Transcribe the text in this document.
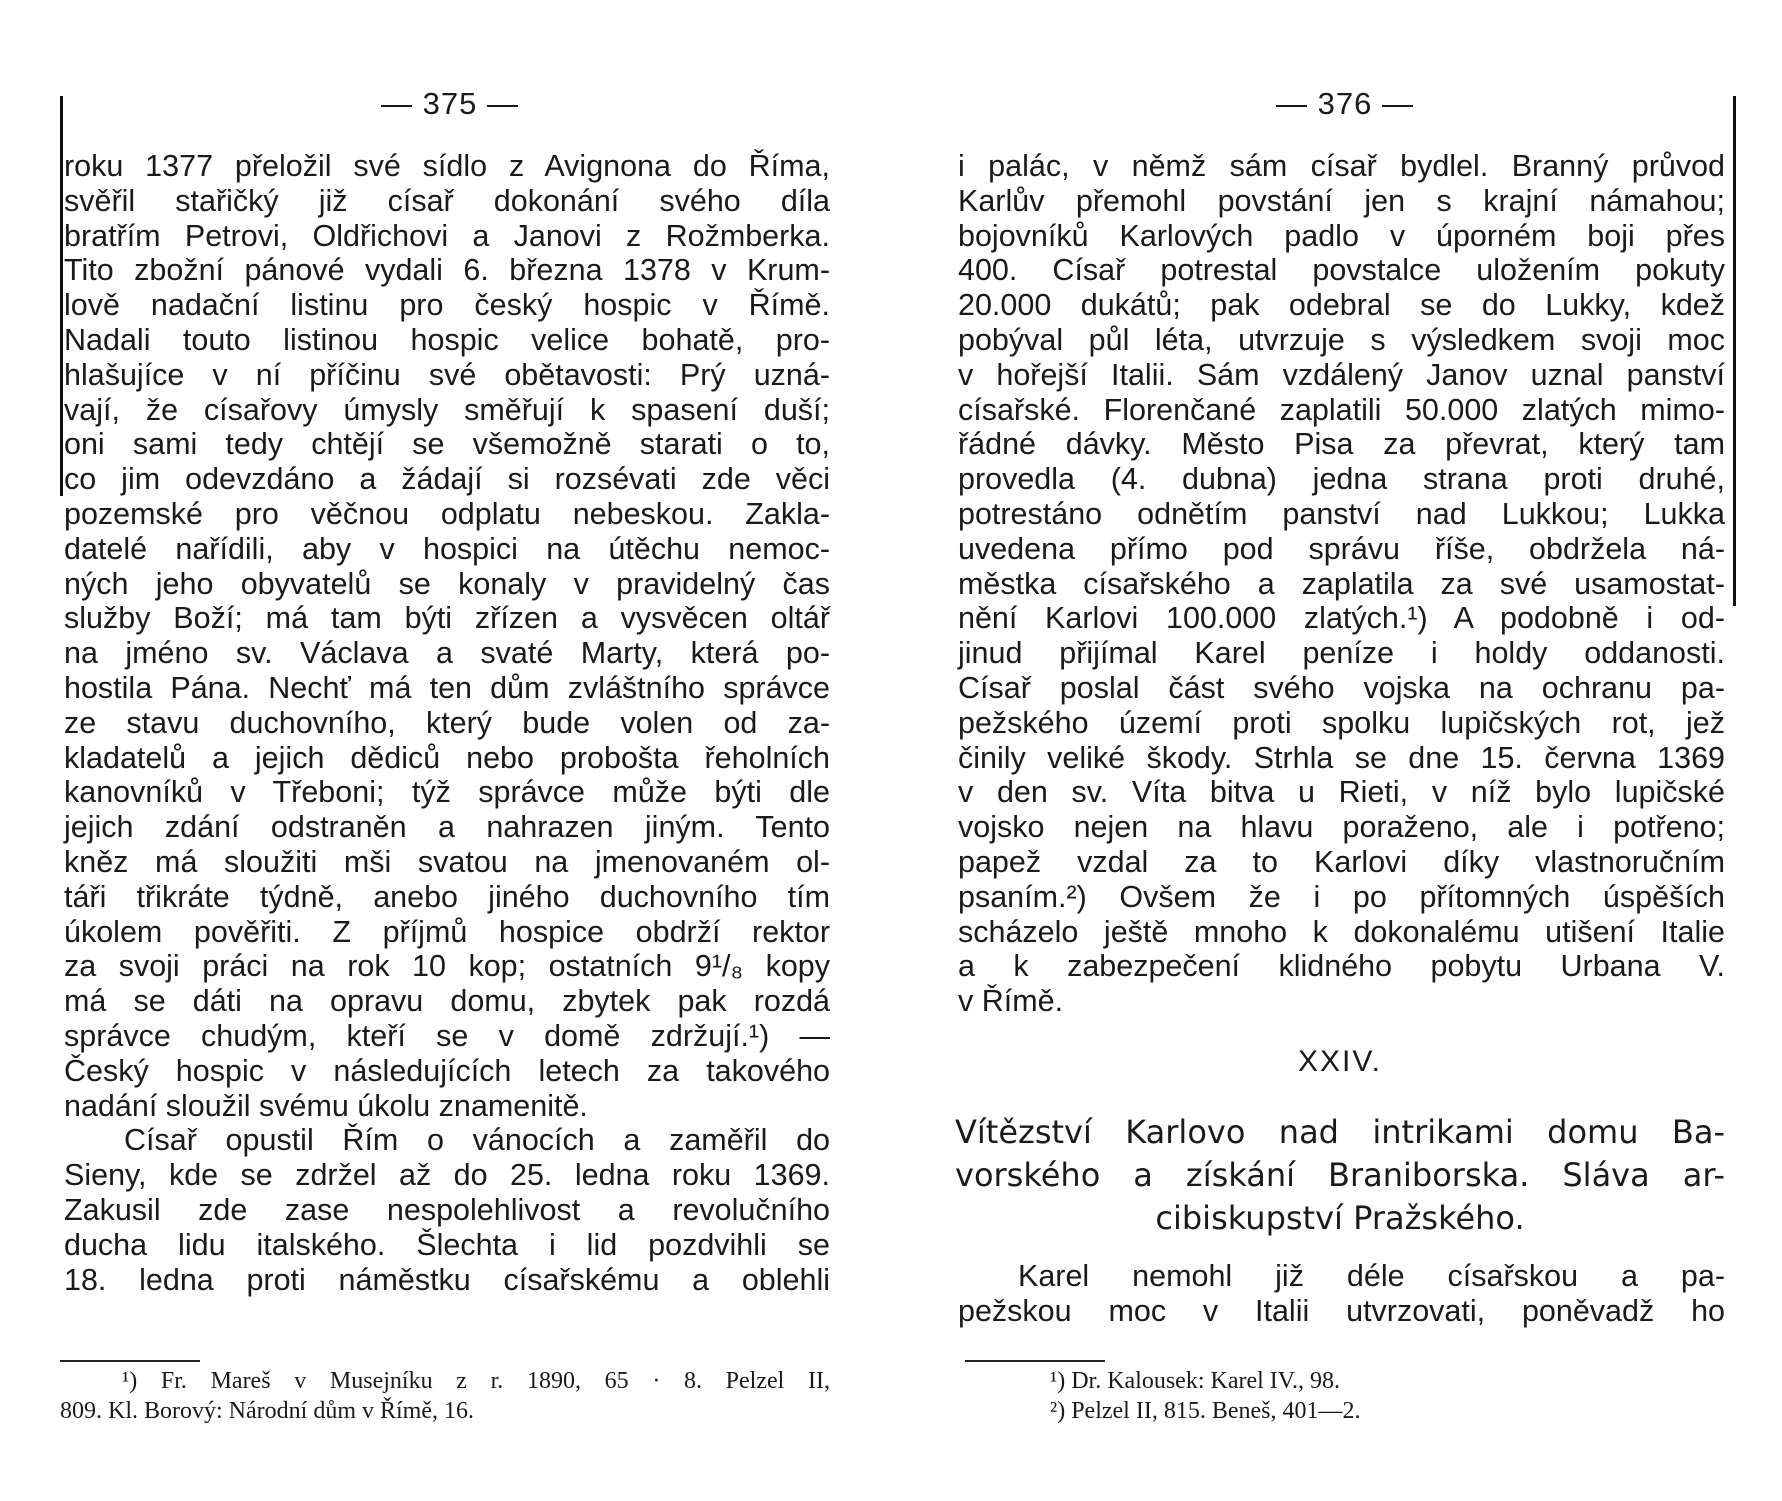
— 375 —
roku 1377 přeložil své sídlo z Avignona do Říma,
svěřil stařičký již císař dokonání svého díla
bratřím Petrovi, Oldřichovi a Janovi z Rožmberka.
Tito zbožní pánové vydali 6. března 1378 v Krum-
lově nadační listinu pro český hospic v Římě.
Nadali touto listinou hospic velice bohatě, pro-
hlašujíce v ní příčinu své obětavosti: Prý uzná-
vají, že císařovy úmysly směřují k spasení duší;
oni sami tedy chtějí se všemožně starati o to,
co jim odevzdáno a žádají si rozsévati zde věci
pozemské pro věčnou odplatu nebeskou. Zakla-
datelé nařídili, aby v hospici na útěchu nemoc-
ných jeho obyvatelů se konaly v pravidelný čas
služby Boží; má tam býti zřízen a vysvěcen oltář
na jméno sv. Václava a svaté Marty, která po-
hostila Pána. Nechť má ten dům zvláštního správce
ze stavu duchovního, který bude volen od za-
kladatelů a jejich dědiců nebo probošta řeholních
kanovníků v Třeboni; týž správce může býti dle
jejich zdání odstraněn a nahrazen jiným. Tento
kněz má sloužiti mši svatou na jmenovaném ol-
táři třikráte týdně, anebo jiného duchovního tím
úkolem pověřiti. Z příjmů hospice obdrží rektor
za svoji práci na rok 10 kop; ostatních 9¹/₈ kopy
má se dáti na opravu domu, zbytek pak rozdá
správce chudým, kteří se v domě zdržují.¹) —
Český hospic v následujících letech za takového
nadání sloužil svému úkolu znamenitě.
Císař opustil Řím o vánocích a zaměřil do
Sieny, kde se zdržel až do 25. ledna roku 1369.
Zakusil zde zase nespolehlivost a revolučního
ducha lidu italského. Šlechta i lid pozdvihli se
18. ledna proti náměstku císařskému a oblehli
¹) Fr. Mareš v Musejníku z r. 1890, 65 · 8. Pelzel II,
809. Kl. Borový: Národní dům v Římě, 16.
— 376 —
i palác, v němž sám císař bydlel. Branný průvod
Karlův přemohl povstání jen s krajní námahou;
bojovníků Karlových padlo v úporném boji přes
400. Císař potrestal povstalce uložením pokuty
20.000 dukátů; pak odebral se do Lukky, kdež
pobýval půl léta, utvrzuje s výsledkem svoji moc
v hořejší Italii. Sám vzdálený Janov uznal panství
císařské. Florenčané zaplatili 50.000 zlatých mimo-
řádné dávky. Město Pisa za převrat, který tam
provedla (4. dubna) jedna strana proti druhé,
potrestáno odnětím panství nad Lukkou; Lukka
uvedena přímo pod správu říše, obdržela ná-
městka císařského a zaplatila za své usamostat-
nění Karlovi 100.000 zlatých.¹) A podobně i od-
jinud přijímal Karel peníze i holdy oddanosti.
Císař poslal část svého vojska na ochranu pa-
pežského území proti spolku lupičských rot, jež
činily veliké škody. Strhla se dne 15. června 1369
v den sv. Víta bitva u Rieti, v níž bylo lupičské
vojsko nejen na hlavu poraženo, ale i potřeno;
papež vzdal za to Karlovi díky vlastnoručním
psaním.²) Ovšem že i po přítomných úspěších
scházelo ještě mnoho k dokonalému utišení Italie
a k zabezpečení klidného pobytu Urbana V.
v Římě.
XXIV.
Vítězství Karlovo nad intrikami domu Ba-
vorského a získání Braniborska. Sláva ar-
cibiskupství Pražského.
Karel nemohl již déle císařskou a pa-
pežskou moc v Italii utvrzovati, poněvadž ho
¹) Dr. Kalousek: Karel IV., 98.
²) Pelzel II, 815. Beneš, 401—2.
